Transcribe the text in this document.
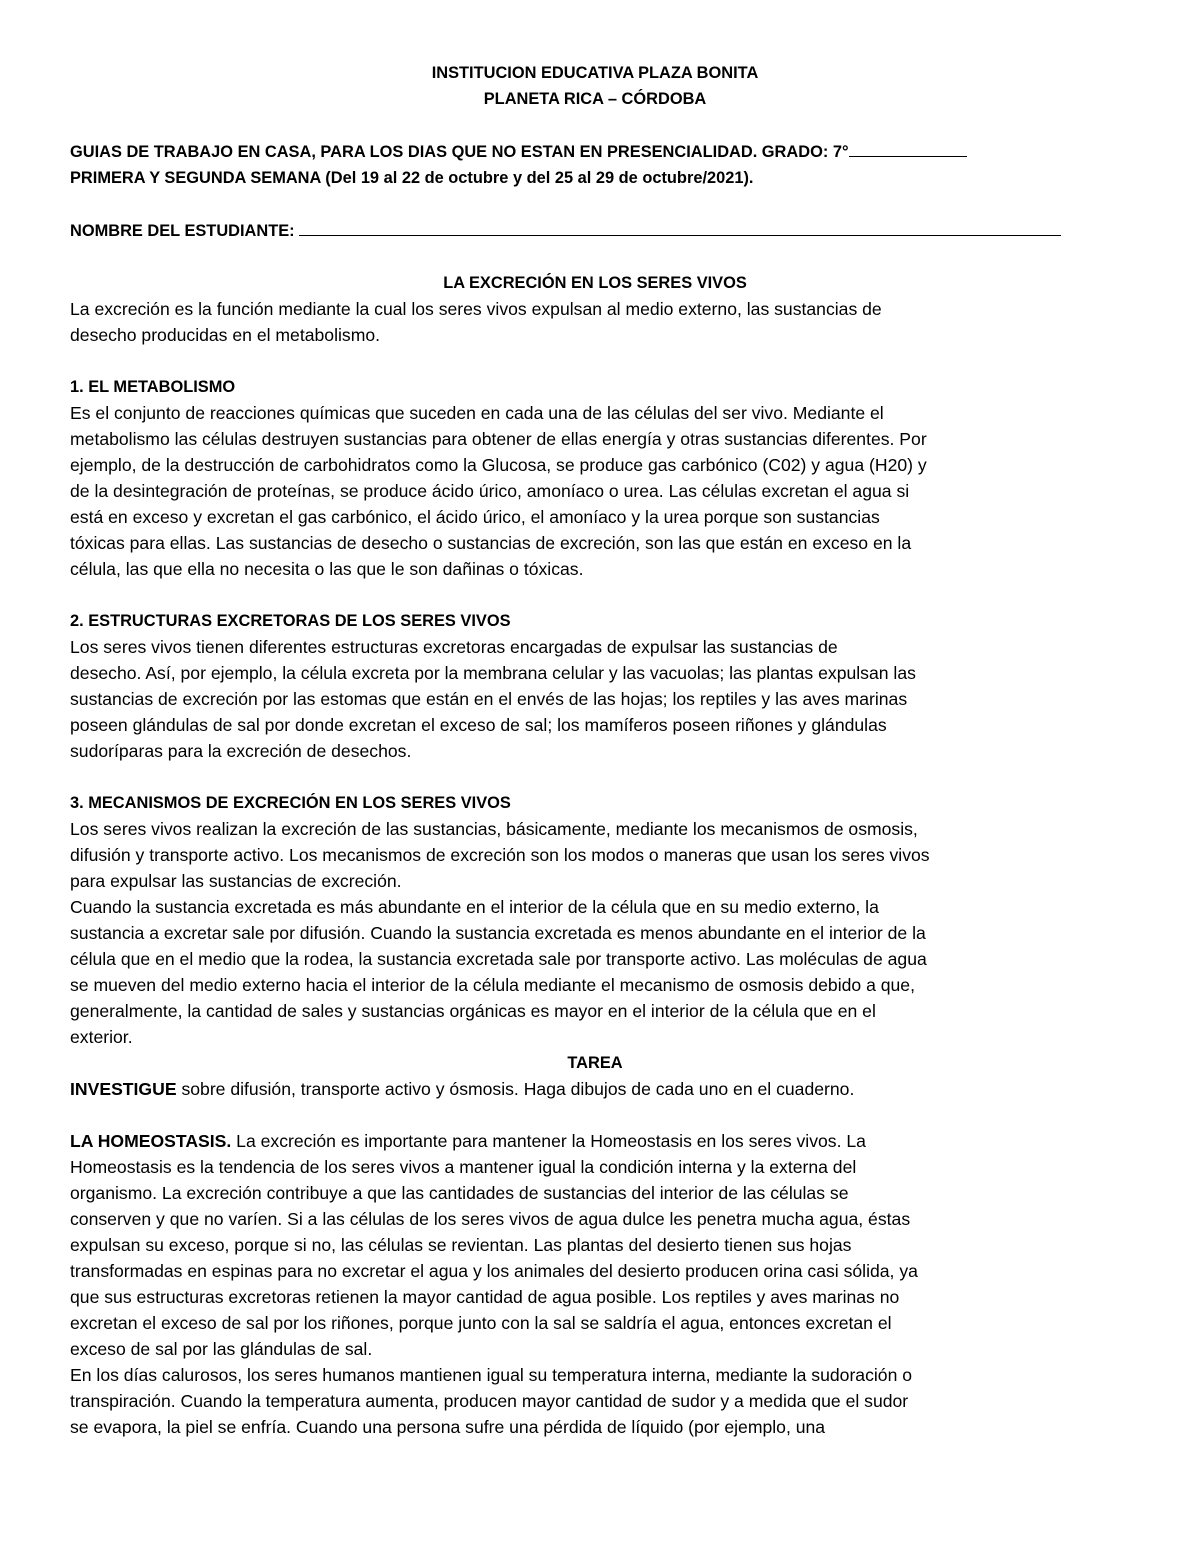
INSTITUCION EDUCATIVA PLAZA BONITA
PLANETA RICA – CÓRDOBA
GUIAS DE TRABAJO EN CASA, PARA LOS DIAS QUE NO ESTAN EN PRESENCIALIDAD. GRADO: 7°
PRIMERA Y SEGUNDA SEMANA (Del 19 al 22 de octubre y del 25 al 29 de octubre/2021).
NOMBRE DEL ESTUDIANTE:
LA EXCRECIÓN EN LOS SERES VIVOS
La excreción es la función mediante la cual los seres vivos expulsan al medio externo, las sustancias de
desecho producidas en el metabolismo.
1. EL METABOLISMO
Es el conjunto de reacciones químicas que suceden en cada una de las células del ser vivo. Mediante el
metabolismo las células destruyen sustancias para obtener de ellas energía y otras sustancias diferentes. Por
ejemplo, de la destrucción de carbohidratos como la Glucosa, se produce gas carbónico (C02) y agua (H20) y
de la desintegración de proteínas, se produce ácido úrico, amoníaco o urea. Las células excretan el agua si
está en exceso y excretan el gas carbónico, el ácido úrico, el amoníaco y la urea porque son sustancias
tóxicas para ellas. Las sustancias de desecho o sustancias de excreción, son las que están en exceso en la
célula, las que ella no necesita o las que le son dañinas o tóxicas.
2. ESTRUCTURAS EXCRETORAS DE LOS SERES VIVOS
Los seres vivos tienen diferentes estructuras excretoras encargadas de expulsar las sustancias de
desecho. Así, por ejemplo, la célula excreta por la membrana celular y las vacuolas; las plantas expulsan las
sustancias de excreción por las estomas que están en el envés de las hojas; los reptiles y las aves marinas
poseen glándulas de sal por donde excretan el exceso de sal; los mamíferos poseen riñones y glándulas
sudoríparas para la excreción de desechos.
3. MECANISMOS DE EXCRECIÓN EN LOS SERES VIVOS
Los seres vivos realizan la excreción de las sustancias, básicamente, mediante los mecanismos de osmosis,
difusión y transporte activo. Los mecanismos de excreción son los modos o maneras que usan los seres vivos
para expulsar las sustancias de excreción.
Cuando la sustancia excretada es más abundante en el interior de la célula que en su medio externo, la
sustancia a excretar sale por difusión. Cuando la sustancia excretada es menos abundante en el interior de la
célula que en el medio que la rodea, la sustancia excretada sale por transporte activo. Las moléculas de agua
se mueven del medio externo hacia el interior de la célula mediante el mecanismo de osmosis debido a que,
generalmente, la cantidad de sales y sustancias orgánicas es mayor en el interior de la célula que en el
exterior.
TAREA
INVESTIGUE sobre difusión, transporte activo y ósmosis. Haga dibujos de cada uno en el cuaderno.
LA HOMEOSTASIS. La excreción es importante para mantener la Homeostasis en los seres vivos. La
Homeostasis es la tendencia de los seres vivos a mantener igual la condición interna y la externa del
organismo. La excreción contribuye a que las cantidades de sustancias del interior de las células se
conserven y que no varíen. Si a las células de los seres vivos de agua dulce les penetra mucha agua, éstas
expulsan su exceso, porque si no, las células se revientan. Las plantas del desierto tienen sus hojas
transformadas en espinas para no excretar el agua y los animales del desierto producen orina casi sólida, ya
que sus estructuras excretoras retienen la mayor cantidad de agua posible. Los reptiles y aves marinas no
excretan el exceso de sal por los riñones, porque junto con la sal se saldría el agua, entonces excretan el
exceso de sal por las glándulas de sal.
En los días calurosos, los seres humanos mantienen igual su temperatura interna, mediante la sudoración o
transpiración. Cuando la temperatura aumenta, producen mayor cantidad de sudor y a medida que el sudor
se evapora, la piel se enfría. Cuando una persona sufre una pérdida de líquido (por ejemplo, una
